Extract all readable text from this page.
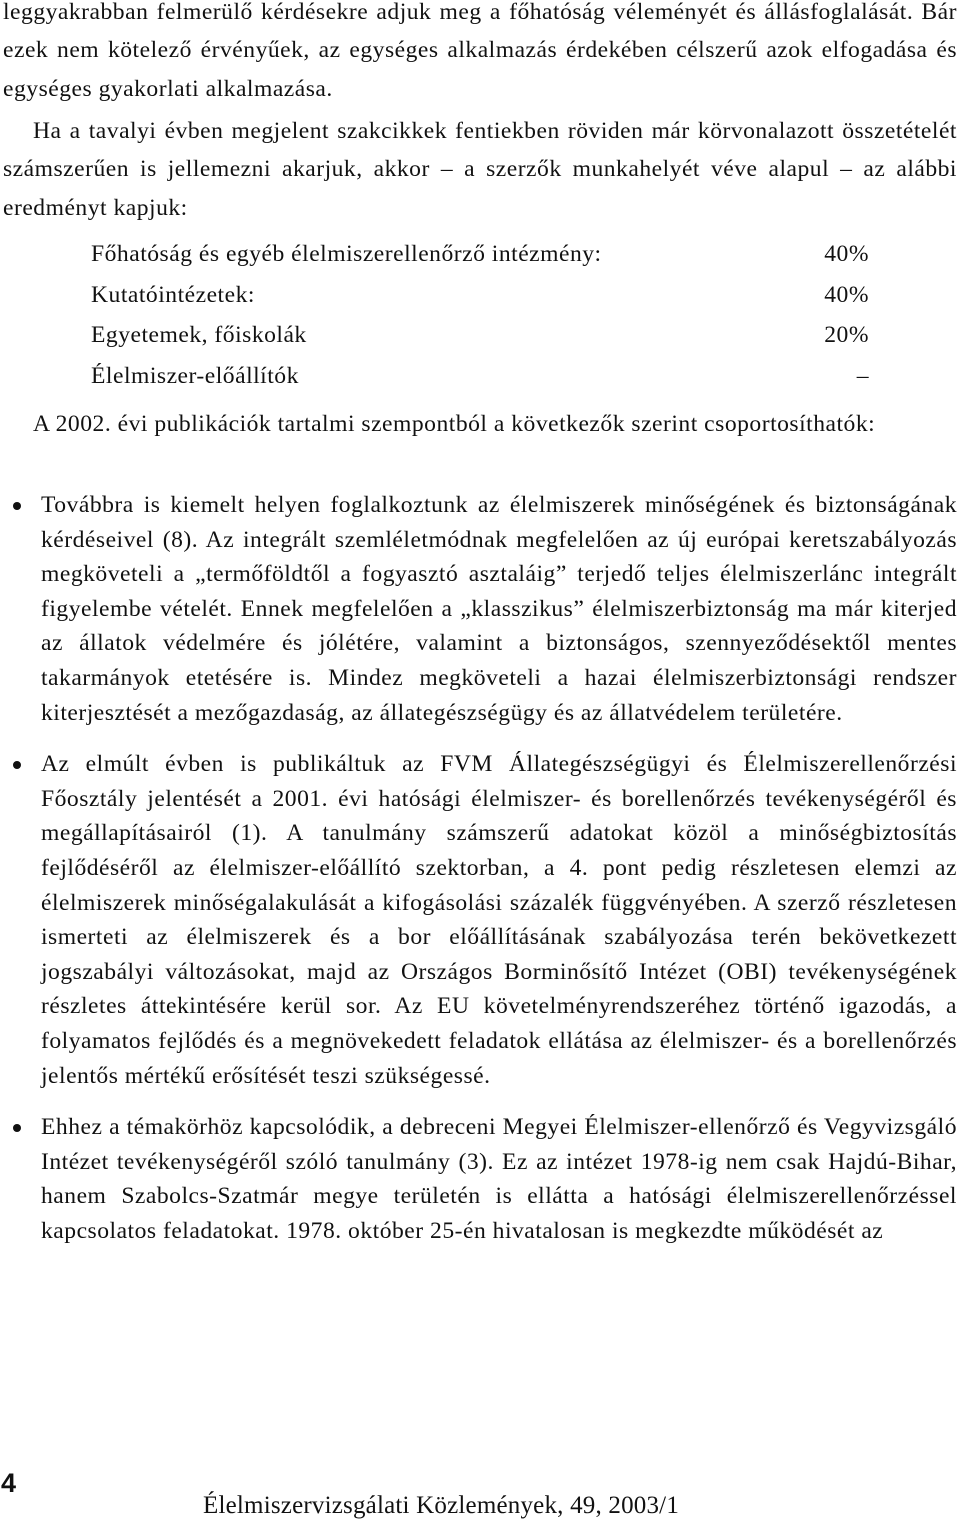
leggyakrabban felmerülő kérdésekre adjuk meg a főhatóság véleményét és állásfoglalását. Bár ezek nem kötelező érvényűek, az egységes alkalmazás érdekében célszerű azok elfogadása és egységes gyakorlati alkalmazása.

Ha a tavalyi évben megjelent szakcikkek fentiekben röviden már körvonalazott összetételét számszerűen is jellemezni akarjuk, akkor – a szerzők munkahelyét véve alapul – az alábbi eredményt kapjuk:

Főhatóság és egyéb élelmiszerellenőrző intézmény:	40%
Kutatóintézetek:	40%
Egyetemek, főiskolák	20%
Élelmiszer-előállítók	–

A 2002. évi publikációk tartalmi szempontból a következők szerint csoportosíthatók:

Továbbra is kiemelt helyen foglalkoztunk az élelmiszerek minőségének és biztonságának kérdéseivel (8). Az integrált szemléletmódnak megfelelően az új európai keretszabályozás megköveteli a „termőföldtől a fogyasztó asztaláig” terjedő teljes élelmiszerlánc integrált figyelembe vételét. Ennek megfelelően a „klasszikus” élelmiszerbiztonság ma már kiterjed az állatok védelmére és jólétére, valamint a biztonságos, szennyeződésektől mentes takarmányok etetésére is. Mindez megköveteli a hazai élelmiszerbiztonsági rendszer kiterjesztését a mezőgazdaság, az állategészségügy és az állatvédelem területére.
Az elmúlt évben is publikáltuk az FVM Állategészségügyi és Élelmiszerellenőrzési Főosztály jelentését a 2001. évi hatósági élelmiszer- és borellenőrzés tevékenységéről és megállapításairól (1). A tanulmány számszerű adatokat közöl a minőségbiztosítás fejlődéséről az élelmiszer-előállító szektorban, a 4. pont pedig részletesen elemzi az élelmiszerek minőségalakulását a kifogásolási százalék függvényében. A szerző részletesen ismerteti az élelmiszerek és a bor előállításának szabályozása terén bekövetkezett jogszabályi változásokat, majd az Országos Borminősítő Intézet (OBI) tevékenységének részletes áttekintésére kerül sor. Az EU követelményrendszeréhez történő igazodás, a folyamatos fejlődés és a megnövekedett feladatok ellátása az élelmiszer- és a borellenőrzés jelentős mértékű erősítését teszi szükségessé.
Ehhez a témakörhöz kapcsolódik, a debreceni Megyei Élelmiszer-ellenőrző és Vegyvizsgáló Intézet tevékenységéről szóló tanulmány (3). Ez az intézet 1978-ig nem csak Hajdú-Bihar, hanem Szabolcs-Szatmár megye területén is ellátta a hatósági élelmiszerellenőrzéssel kapcsolatos feladatokat. 1978. október 25-én hivatalosan is megkezdte működését az
4
Élelmiszervizsgálati Közlemények, 49, 2003/1
